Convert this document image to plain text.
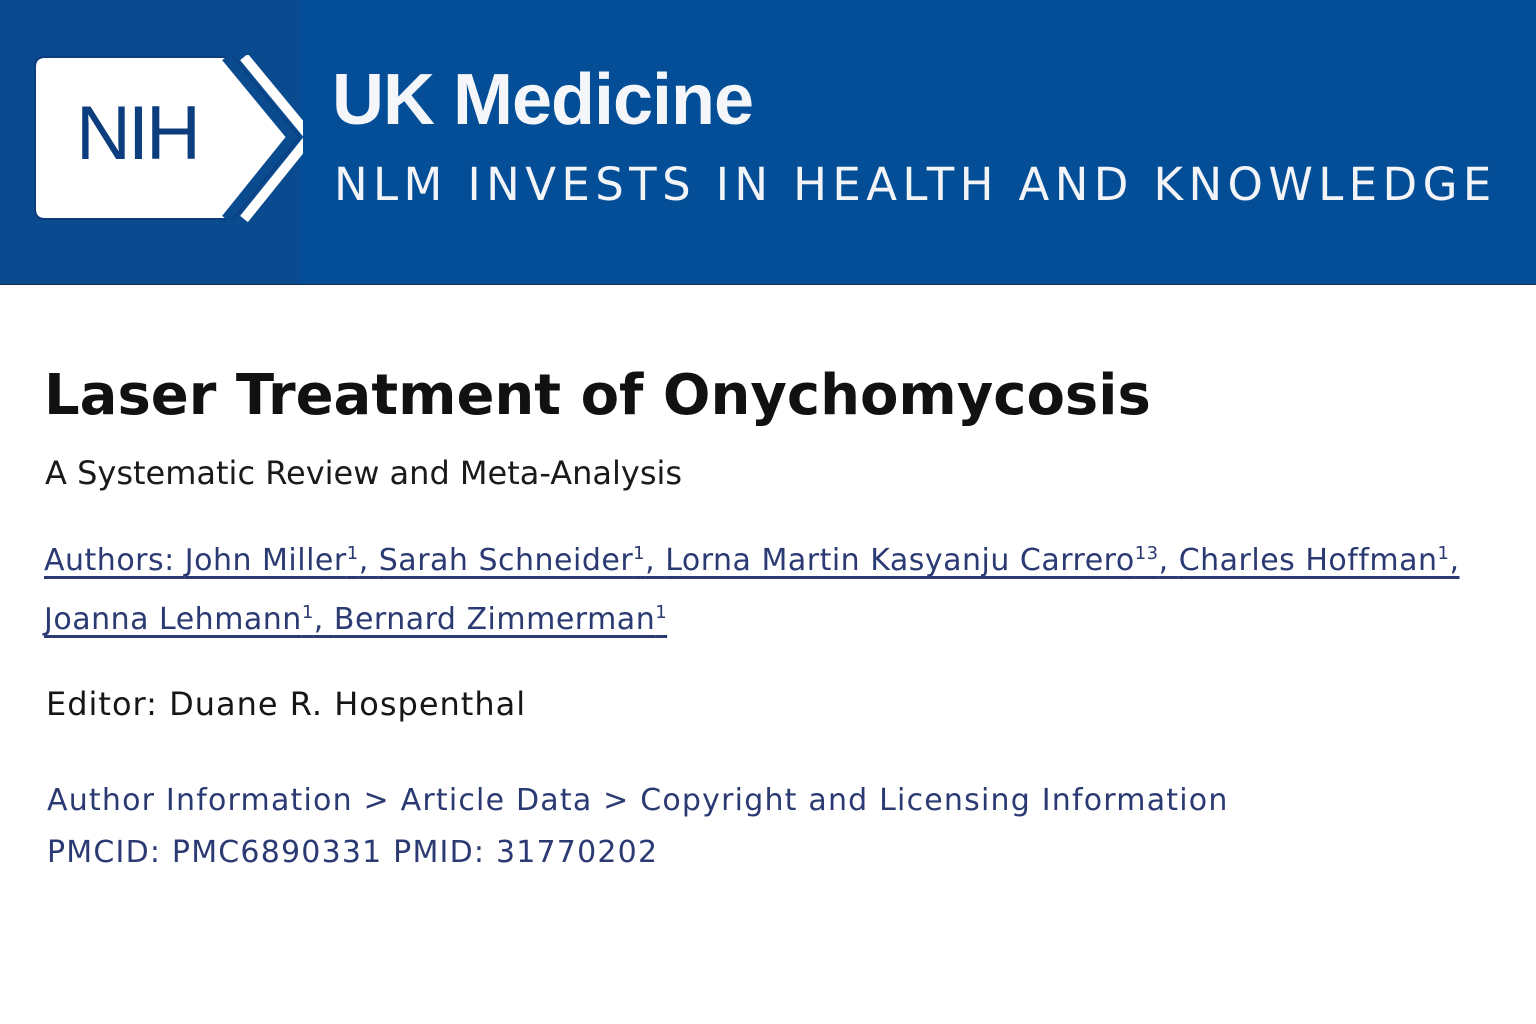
NIH UK Medicine
NLM INVESTS IN HEALTH AND KNOWLEDGE
Laser Treatment of Onychomycosis
A Systematic Review and Meta-Analysis
Authors: John Miller$^1$, Sarah Schneider$^1$, Lorna Martin Kasyanju Carrero$^{13}$, Charles Hoffman$^1$, Joanna Lehmann$^1$, Bernard Zimmerman$^1$
Editor: Duane R. Hospenthal
Author Information > Article Data > Copyright and Licensing Information
PMCID: PMC6890331 PMID: 31770202
